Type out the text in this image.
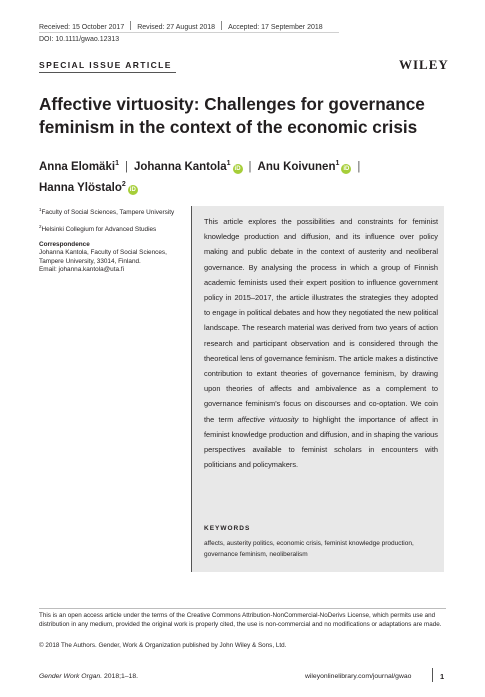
Received: 15 October 2017 Revised: 27 August 2018 Accepted: 17 September 2018
DOI: 10.1111/gwao.12313
SPECIAL ISSUE ARTICLE	WILEY
Affective virtuosity: Challenges for governance feminism in the context of the economic crisis
Anna Elomäki$^1$ | Johanna Kantola$^1$iD | Anu Koivunen$^1$iD |
Hanna Ylöstalo$^2$iD

$^1$Faculty of Social Sciences, Tampere University

$^2$Helsinki Collegium for Advanced Studies

Correspondence

Johanna Kantola, Faculty of Social Sciences,
Tampere University, 33014, Finland.
Email: johanna.kantola@uta.fi

This article explores the possibilities and constraints for feminist knowledge production and diffusion, and its influence over policy making and public debate in the context of austerity and neoliberal governance. By analysing the process in which a group of Finnish academic feminists used their expert position to influence government policy in 2015–2017, the article illustrates the strategies they adopted to engage in political debates and how they negotiated the new political landscape. The research material was derived from two years of action research and participant observation and is considered through the theoretical lens of governance feminism. The article makes a distinctive contribution to extant theories of governance feminism, by drawing upon theories of affects and ambivalence as a complement to governance feminism's focus on discourses and co‐optation. We coin the term affective virtuosity to highlight the importance of affect in feminist knowledge production and diffusion, and in shaping the various perspectives available to feminist scholars in encounters with politicians and policymakers.

KEYWORDS
affects, austerity politics, economic crisis, feminist knowledge production, governance feminism, neoliberalism

This is an open access article under the terms of the Creative Commons Attribution‐NonCommercial‐NoDerivs License, which permits use and distribution in any medium, provided the original work is properly cited, the use is non‐commercial and no modifications or adaptations are made.

© 2018 The Authors. Gender, Work & Organization published by John Wiley & Sons, Ltd.

Gender Work Organ. 2018;1–18.	wileyonlinelibrary.com/journal/gwao	1
